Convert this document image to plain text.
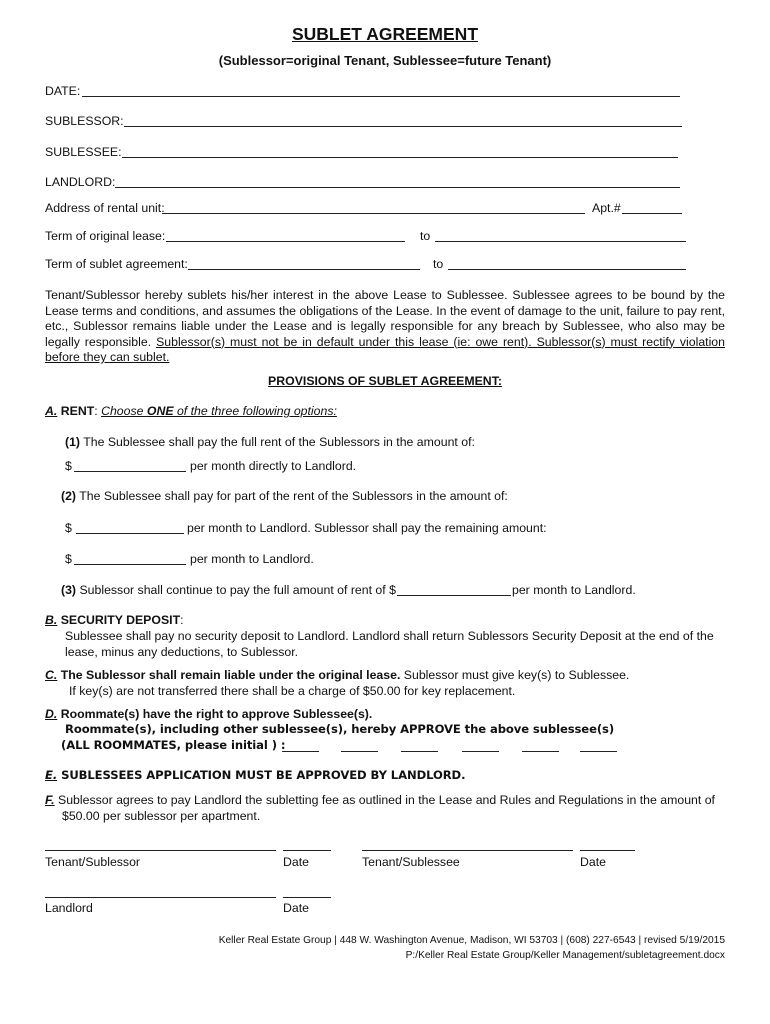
SUBLET AGREEMENT
(Sublessor=original Tenant, Sublessee=future Tenant)
DATE:
SUBLESSOR:
SUBLESSEE:
LANDLORD:
Address of rental unit:	Apt.#
Term of original lease:	to
Term of sublet agreement:	to
Tenant/Sublessor hereby sublets his/her interest in the above Lease to Sublessee. Sublessee agrees to be bound by the Lease terms and conditions, and assumes the obligations of the Lease. In the event of damage to the unit, failure to pay rent, etc., Sublessor remains liable under the Lease and is legally responsible for any breach by Sublessee, who also may be legally responsible. Sublessor(s) must not be in default under this lease (ie: owe rent). Sublessor(s) must rectify violation before they can sublet.
PROVISIONS OF SUBLET AGREEMENT:
A. RENT: Choose ONE of the three following options:
(1) The Sublessee shall pay the full rent of the Sublessors in the amount of:
$	per month directly to Landlord.
(2) The Sublessee shall pay for part of the rent of the Sublessors in the amount of:
$	per month to Landlord. Sublessor shall pay the remaining amount:
$	per month to Landlord.
(3) Sublessor shall continue to pay the full amount of rent of $	per month to Landlord.
B. SECURITY DEPOSIT:
Sublessee shall pay no security deposit to Landlord. Landlord shall return Sublessors Security Deposit at the end of the
lease, minus any deductions, to Sublessor.
C. The Sublessor shall remain liable under the original lease. Sublessor must give key(s) to Sublessee.
If key(s) are not transferred there shall be a charge of $50.00 for key replacement.
D. Roommate(s) have the right to approve Sublessee(s).
Roommate(s), including other sublessee(s), hereby APPROVE the above sublessee(s)
(ALL ROOMMATES, please initial ) :
E. SUBLESSEES APPLICATION MUST BE APPROVED BY LANDLORD.
F. Sublessor agrees to pay Landlord the subletting fee as outlined in the Lease and Rules and Regulations in the amount of
$50.00 per sublessor per apartment.
Tenant/Sublessor	Date	Tenant/Sublessee	Date
Landlord	Date
Keller Real Estate Group | 448 W. Washington Avenue, Madison, WI 53703 | (608) 227-6543 | revised 5/19/2015
P:/Keller Real Estate Group/Keller Management/subletagreement.docx
